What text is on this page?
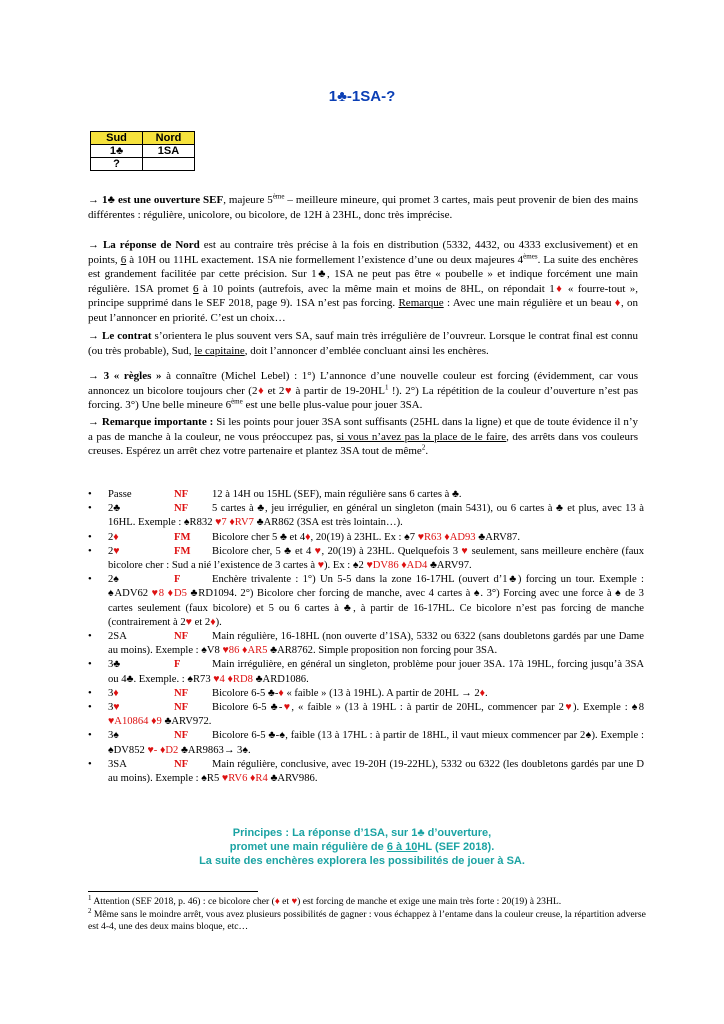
1♣-1SA-?
Sud	Nord
1♣	1SA
?	
→ 1♣ est une ouverture SEF, majeure 5ème – meilleure mineure, qui promet 3 cartes, mais peut provenir de bien des mains différentes : régulière, unicolore, ou bicolore, de 12H à 23HL, donc très imprécise.
→ La réponse de Nord est au contraire très précise à la fois en distribution (5332, 4432, ou 4333 exclusivement) et en points, 6 à 10H ou 11HL exactement. 1SA nie formellement l’existence d’une ou deux majeures 4èmes. La suite des enchères est grandement facilitée par cette précision. Sur 1♣, 1SA ne peut pas être « poubelle » et indique forcément une main régulière. 1SA promet 6 à 10 points (autrefois, avec la même main et moins de 8HL, on répondait 1♦ « fourre-tout », principe supprimé dans le SEF 2018, page 9). 1SA n’est pas forcing. Remarque : Avec une main régulière et un beau ♦, on peut l’annoncer en priorité. C’est un choix…
→ Le contrat s’orientera le plus souvent vers SA, sauf main très irrégulière de l’ouvreur. Lorsque le contrat final est connu (ou très probable), Sud, le capitaine, doit l’annoncer d’emblée concluant ainsi les enchères.
→ 3 « règles » à connaître (Michel Lebel) : 1°) L’annonce d’une nouvelle couleur est forcing (évidemment, car vous annoncez un bicolore toujours cher (2♦ et 2♥ à partir de $19-20HL^1$ !). 2°) La répétition de la couleur d’ouverture n’est pas forcing. 3°) Une belle mineure 6ème est une belle plus-value pour jouer 3SA.
→ Remarque importante : Si les points pour jouer 3SA sont suffisants (25HL dans la ligne) et que de toute évidence il n’y a pas de manche à la couleur, ne vous préoccupez pas, si vous n’avez pas la place de le faire, des arrêts dans vos couleurs creuses. Espérez un arrêt chez votre partenaire et plantez 3SA tout de même$^2$.
• Passe	NF	12 à 14H ou 15HL (SEF), main régulière sans 6 cartes à ♣.
• 2♣	NF	5 cartes à ♣, jeu irrégulier, en général un singleton (main 5431), ou 6 cartes à ♣ et plus, avec 13 à 16HL. Exemple : ♠R832 ♥7 ♦RV7 ♣AR862 (3SA est très lointain…).
• 2♦	FM	Bicolore cher 5 ♣ et 4♦, 20(19) à 23HL. Ex : ♠7 ♥R63 ♦AD93 ♣ARV87.
• 2♥	FM	Bicolore cher, 5 ♣ et 4 ♥, 20(19) à 23HL. Quelquefois 3 ♥ seulement, sans meilleure enchère (faux bicolore cher : Sud a nié l’existence de 3 cartes à ♥). Ex : ♠2 ♥DV86 ♦AD4 ♣ARV97.
• 2♠	F	Enchère trivalente : 1°) Un 5-5 dans la zone 16-17HL (ouvert d’1♣) forcing un tour. Exemple : ♠ADV62 ♥8 ♦D5 ♣RD1094. 2°) Bicolore cher forcing de manche, avec 4 cartes à ♠. 3°) Forcing avec une force à ♠ de 3 cartes seulement (faux bicolore) et 5 ou 6 cartes à ♣, à partir de 16-17HL. Ce bicolore n’est pas forcing de manche (contrairement à 2♥ et 2♦).
• 2SA	NF	Main régulière, 16-18HL (non ouverte d’1SA), 5332 ou 6322 (sans doubletons gardés par une Dame au moins). Exemple : ♠V8 ♥86 ♦AR5 ♣AR8762. Simple proposition non forcing pour 3SA.
• 3♣	F	Main irrégulière, en général un singleton, problème pour jouer 3SA. 17à 19HL, forcing jusqu’à 3SA ou 4♣. Exemple. : ♠R73 ♥4 ♦RD8 ♣ARD1086.
• 3♦	NF	Bicolore 6-5 ♣-♦ « faible » (13 à 19HL). A partir de 20HL → 2♦.
• 3♥	NF	Bicolore 6-5 ♣-♥, « faible » (13 à 19HL : à partir de 20HL, commencer par 2♥). Exemple : ♠8 ♥A10864 ♦9 ♣ARV972.
• 3♠	NF	Bicolore 6-5 ♣-♠, faible (13 à 17HL : à partir de 18HL, il vaut mieux commencer par 2♠). Exemple : ♠DV852 ♥- ♦D2 ♣AR9863→ 3♠.
• 3SA	NF	Main régulière, conclusive, avec 19-20H (19-22HL), 5332 ou 6322 (les doubletons gardés par une D au moins). Exemple : ♠R5 ♥RV6 ♦R4 ♣ARV986.
Principes : La réponse d’1SA, sur 1♣ d’ouverture,
promet une main régulière de 6 à 10HL (SEF 2018).
La suite des enchères explorera les possibilités de jouer à SA.
$^1$ Attention (SEF 2018, p. 46) : ce bicolore cher (♦ et ♥) est forcing de manche et exige une main très forte : 20(19) à 23HL.
$^2$ Même sans le moindre arrêt, vous avez plusieurs possibilités de gagner : vous échappez à l’entame dans la couleur creuse, la répartition adverse est 4-4, une des deux mains bloque, etc…
